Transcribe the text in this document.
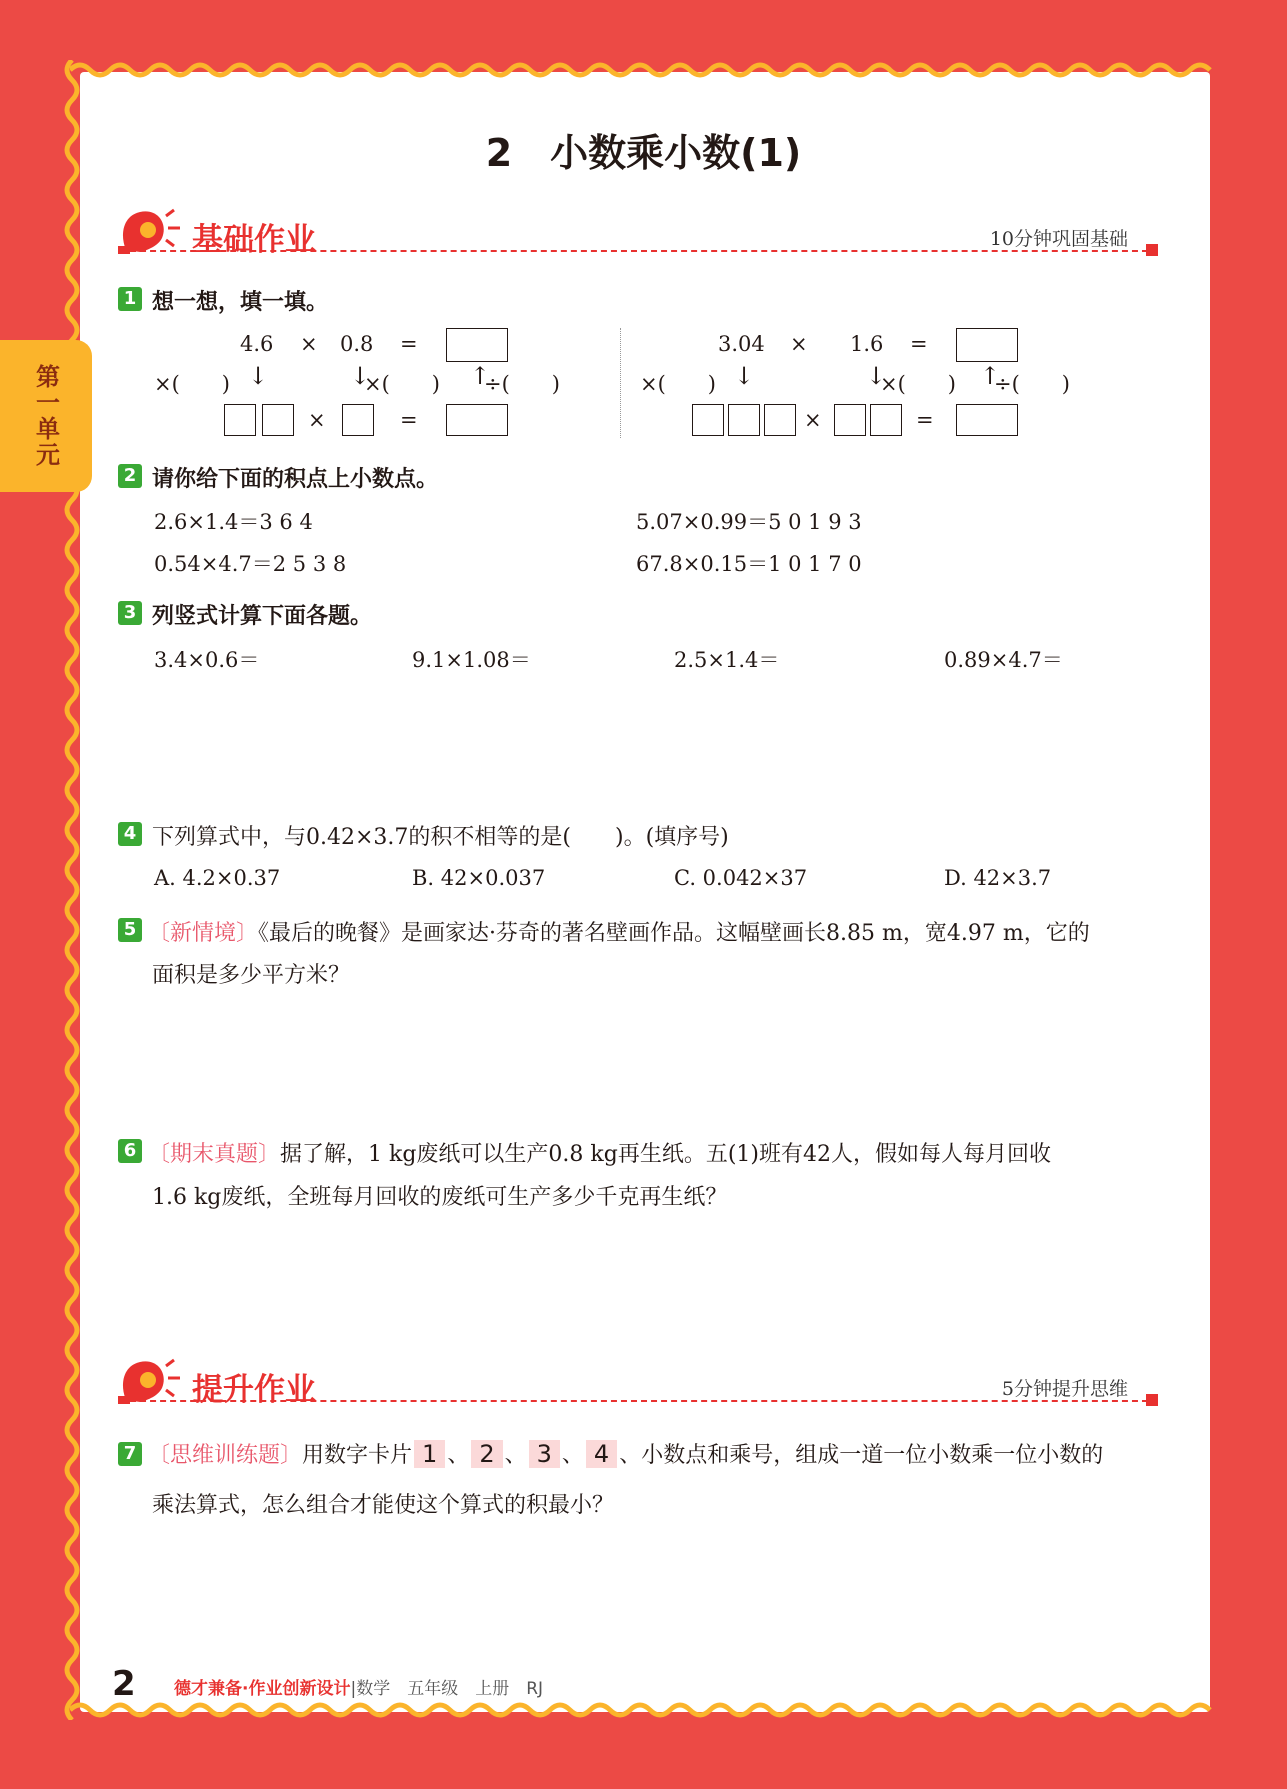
第一单元
2　小数乘小数(1)
基础作业	10分钟巩固基础
1 想一想，填一填。
4.6 × 0.8 =
×(　　) ↓	↓
×(　　) ↑
÷(　　)
×	=
3.04 × 1.6 =
×(　　) ↓	↓
×(　　) ↑
÷(　　)
×	=
2 请你给下面的积点上小数点。
2.6×1.4＝3 6 4	5.07×0.99＝5 0 1 9 3
0.54×4.7＝2 5 3 8	67.8×0.15＝1 0 1 7 0
3 列竖式计算下面各题。
3.4×0.6＝	9.1×1.08＝	2.5×1.4＝	0.89×4.7＝
4 下列算式中，与0.42×3.7的积不相等的是(　　)。(填序号)
A. 4.2×0.37	B. 42×0.037	C. 0.042×37	D. 42×3.7
5 〔新情境〕《最后的晚餐》是画家达·芬奇的著名壁画作品。这幅壁画长8.85 m，宽4.97 m，它的
面积是多少平方米？
6 〔期末真题〕据了解，1 kg废纸可以生产0.8 kg再生纸。五(1)班有42人，假如每人每月回收
1.6 kg废纸，全班每月回收的废纸可生产多少千克再生纸？
提升作业	5分钟提升思维
7 〔思维训练题〕用数字卡片 1 、 2 、 3 、 4 、小数点和乘号，组成一道一位小数乘一位小数的
乘法算式，怎么组合才能使这个算式的积最小？
2 德才兼备·作业创新设计|数学　五年级　上册　RJ
